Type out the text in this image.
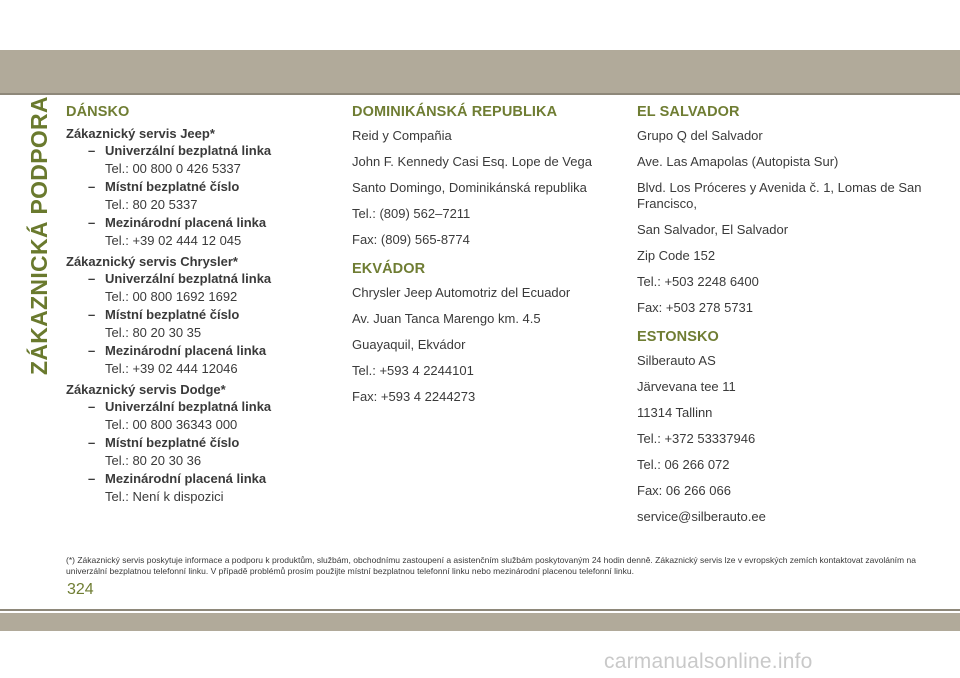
ZÁKAZNICKÁ PODPORA DÁNSKO
Zákaznický servis Jeep*
– Univerzální bezplatná linka
Tel.: 00 800 0 426 5337
– Místní bezplatné číslo
Tel.: 80 20 5337
– Mezinárodní placená linka
Tel.: +39 02 444 12 045
Zákaznický servis Chrysler*
– Univerzální bezplatná linka
Tel.: 00 800 1692 1692
– Místní bezplatné číslo
Tel.: 80 20 30 35
– Mezinárodní placená linka
Tel.: +39 02 444 12046
Zákaznický servis Dodge*
– Univerzální bezplatná linka
Tel.: 00 800 36343 000
– Místní bezplatné číslo
Tel.: 80 20 30 36
– Mezinárodní placená linka
Tel.: Není k dispozici
DOMINIKÁNSKÁ REPUBLIKA
Reid y Compañia
John F. Kennedy Casi Esq. Lope de Vega
Santo Domingo, Dominikánská republika
Tel.: (809) 562–7211
Fax: (809) 565-8774
EKVÁDOR
Chrysler Jeep Automotriz del Ecuador
Av. Juan Tanca Marengo km. 4.5
Guayaquil, Ekvádor
Tel.: +593 4 2244101
Fax: +593 4 2244273
EL SALVADOR
Grupo Q del Salvador
Ave. Las Amapolas (Autopista Sur)
Blvd. Los Próceres y Avenida č. 1, Lomas de San Francisco,
San Salvador, El Salvador
Zip Code 152
Tel.: +503 2248 6400
Fax: +503 278 5731
ESTONSKO
Silberauto AS
Järvevana tee 11
11314 Tallinn
Tel.: +372 53337946
Tel.: 06 266 072
Fax: 06 266 066
service@silberauto.ee
(*) Zákaznický servis poskytuje informace a podporu k produktům, službám, obchodnímu zastoupení a asistenčním službám poskytovaným 24 hodin denně. Zákaznický servis lze v evropských zemích kontaktovat zavoláním na univerzální bezplatnou telefonní linku. V případě problémů prosím použijte místní bezplatnou telefonní linku nebo mezinárodní placenou telefonní linku.
324
carmanualsonline.info
